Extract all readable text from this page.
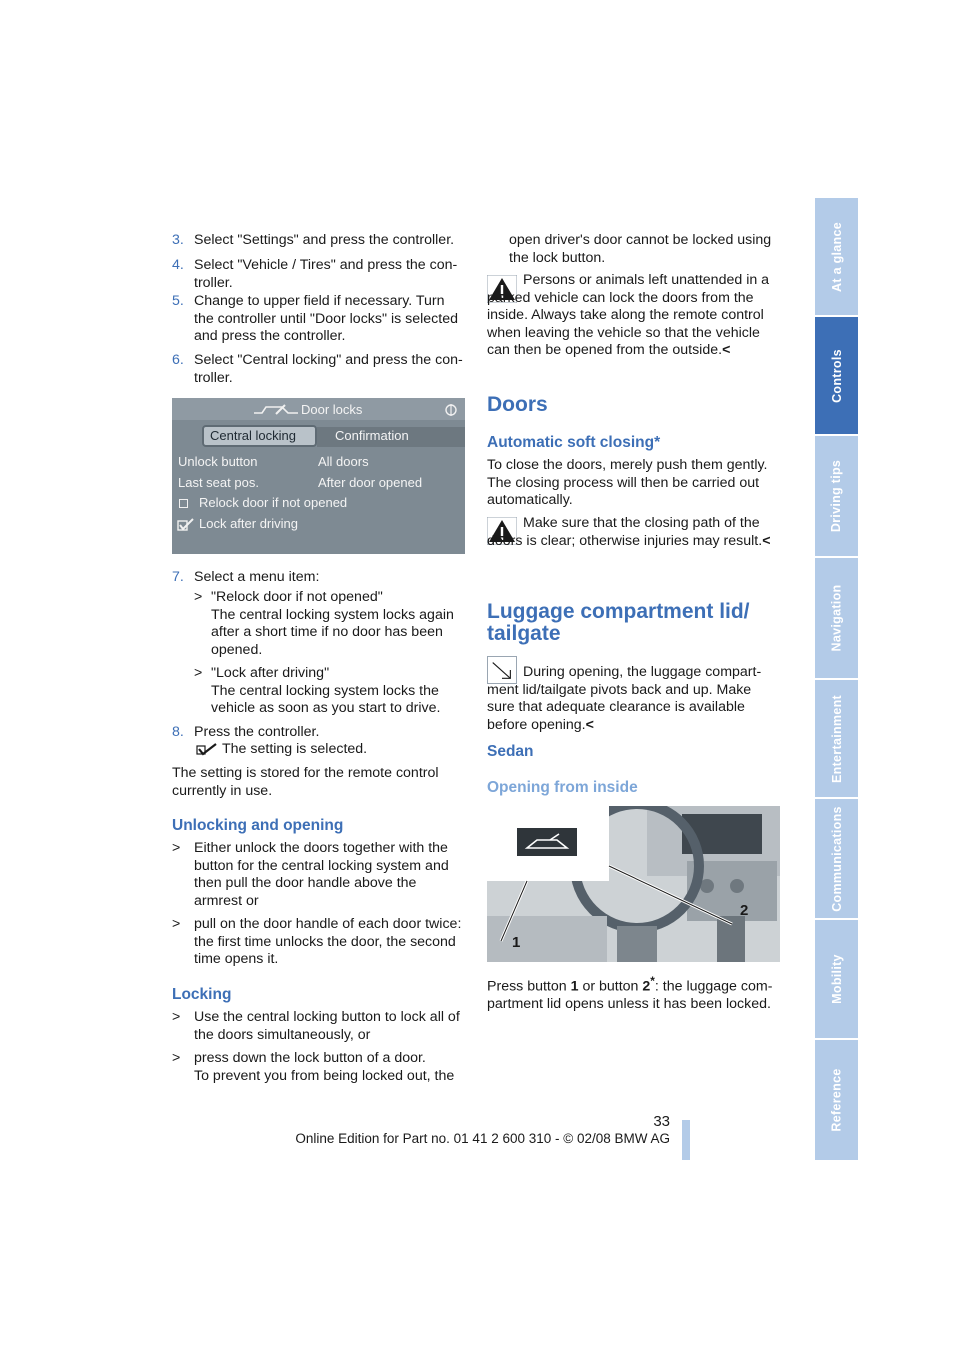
At a glance
Controls
Driving tips
Navigation
Entertainment
Communications
Mobility
Reference
3. Select "Settings" and press the controller.
4. Select "Vehicle / Tires" and press the controller.
5. Change to upper field if necessary. Turn the controller until "Door locks" is selected and press the controller.
6. Select "Central locking" and press the controller.
Door locks
Central locking	Confirmation
Unlock button	All doors
Last seat pos.	After door opened
Relock door if not opened
Lock after driving
7. Select a menu item:
> "Relock door if not opened"
The central locking system locks again after a short time if no door has been opened.
> "Lock after driving"
The central locking system locks the vehicle as soon as you start to drive.
8. Press the controller.
The setting is selected.
The setting is stored for the remote control currently in use.
Unlocking and opening
> Either unlock the doors together with the button for the central locking system and then pull the door handle above the armrest or
> pull on the door handle of each door twice: the first time unlocks the door, the second time opens it.
Locking
> Use the central locking button to lock all of the doors simultaneously, or
> press down the lock button of a door.
To prevent you from being locked out, the
open driver's door cannot be locked using the lock button.
Persons or animals left unattended in a parked vehicle can lock the doors from the inside. Always take along the remote control when leaving the vehicle so that the vehicle can then be opened from the outside.<
Doors
Automatic soft closing*
To close the doors, merely push them gently. The closing process will then be carried out automatically.
Make sure that the closing path of the doors is clear; otherwise injuries may result.<
Luggage compartment lid/
tailgate
During opening, the luggage compartment lid/tailgate pivots back and up. Make sure that adequate clearance is available before opening.<
Sedan
Opening from inside
1
2
Press button 1 or button 2*: the luggage compartment lid opens unless it has been locked.
33
Online Edition for Part no. 01 41 2 600 310 - © 02/08 BMW AG
